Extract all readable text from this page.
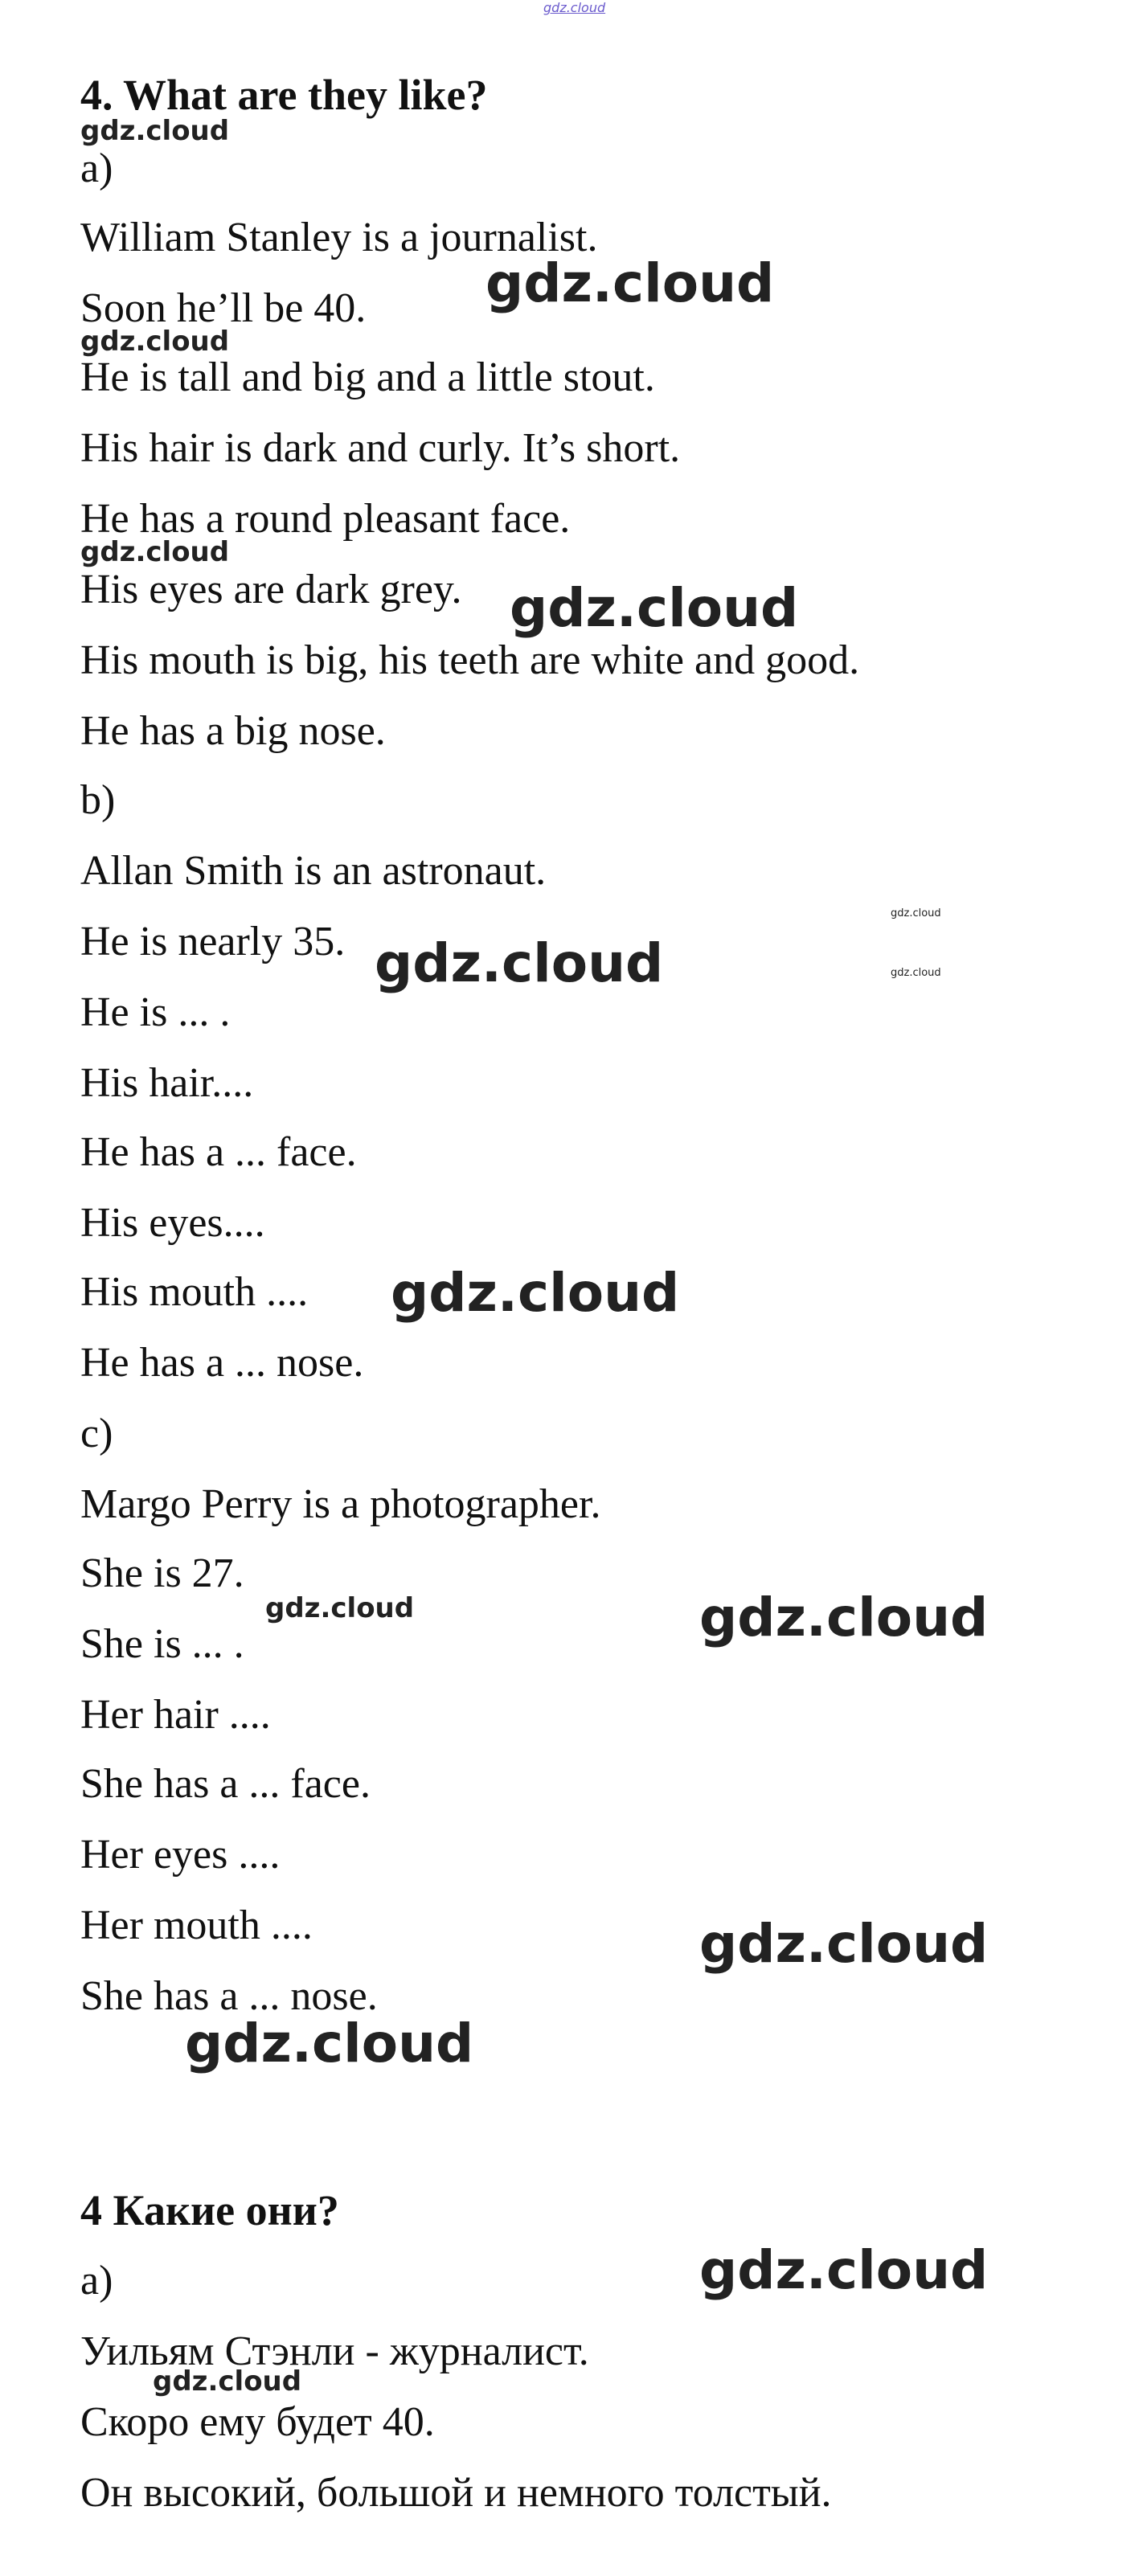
gdz.cloud
4. What are they like?
a)
William Stanley is a journalist.
Soon he’ll be 40.
He is tall and big and a little stout.
His hair is dark and curly. It’s short.
He has a round pleasant face.
His eyes are dark grey.
His mouth is big, his teeth are white and good.
He has a big nose.
b)
Allan Smith is an astronaut.
He is nearly 35.
He is ... .
His hair....
He has a ... face.
His eyes....
His mouth ....
He has a ... nose.
c)
Margo Perry is a photographer.
She is 27.
She is ... .
Her hair ....
She has a ... face.
Her eyes ....
Her mouth ....
She has a ... nose.
4 Какие они?
а)
Уильям Стэнли - журналист.
Скоро ему будет 40.
Он высокий, большой и немного толстый.
gdz.cloud
gdz.cloud
gdz.cloud
gdz.cloud
gdz.cloud
gdz.cloud
gdz.cloud
gdz.cloud
gdz.cloud
gdz.cloud	gdz.cloud
gdz.cloud
gdz.cloud
gdz.cloud
gdz.cloud
